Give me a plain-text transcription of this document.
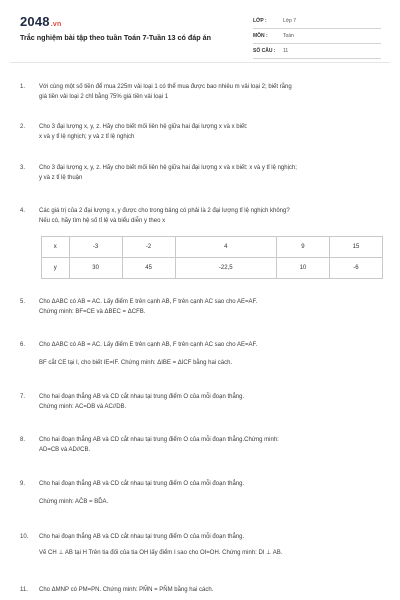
2048.vn
Trắc nghiệm bài tập theo tuần Toán 7-Tuần 13 có đáp án
LỚP :	Lớp 7
MÔN :	Toán
SỐ CÂU :	11
1. Với cùng một số tiền để mua 225m vải loại 1 có thể mua được bao nhiêu m vải loại 2; biết rằng

giá tiền vải loại 2 chỉ bằng 75% giá tiền vải loại 1

2. Cho 3 đại lượng x, y, z. Hãy cho biết mối liên hệ giữa hai đại lượng x và x biết:

x và y tỉ lệ nghịch; y và z tỉ lệ nghịch

3. Cho 3 đại lượng x, y, z. Hãy cho biết mối liên hệ giữa hai đại lượng x và x biết: x và y tỉ lệ nghịch;

y và z tỉ lệ thuận

4. Các giá trị của 2 đại lượng x, y được cho trong bảng có phải là 2 đại lượng tỉ lệ nghịch không?

Nếu có, hãy tìm hệ số tỉ lệ và biểu diễn y theo x

x	-3	-2	4	9	15
y	30	45	-22,5	10	-6
5. Cho ΔABC có AB = AC. Lấy điểm E trên cạnh AB, F trên cạnh AC sao cho AE=AF.

Chứng minh: BF=CE và ΔBEC = ΔCFB.

6. Cho ΔABC có AB = AC. Lấy điểm E trên cạnh AB, F trên cạnh AC sao cho AE=AF.

BF cắt CE tại I, cho biết IE=IF. Chứng minh: ΔIBE = ΔICF bằng hai cách.

7. Cho hai đoạn thẳng AB và CD cắt nhau tại trung điểm O của mỗi đoạn thẳng.

Chứng minh: AC=DB và AC//DB.

8. Cho hai đoạn thẳng AB và CD cắt nhau tại trung điểm O của mỗi đoạn thẳng.Chứng minh:

AD=CB và AD//CB.

9. Cho hai đoạn thẳng AB và CD cắt nhau tại trung điểm O của mỗi đoạn thẳng.

Chứng minh: AĈB = BD̂A.

10. Cho hai đoạn thẳng AB và CD cắt nhau tại trung điểm O của mỗi đoạn thẳng.

Vẽ CH ⊥ AB tại H Trên tia đối của tia OH lấy điểm I sao cho OI=OH. Chứng minh: DI ⊥ AB.

11. Cho ΔMNP có PM=PN. Chứng minh: PM̂N = PN̂M bằng hai cách.
